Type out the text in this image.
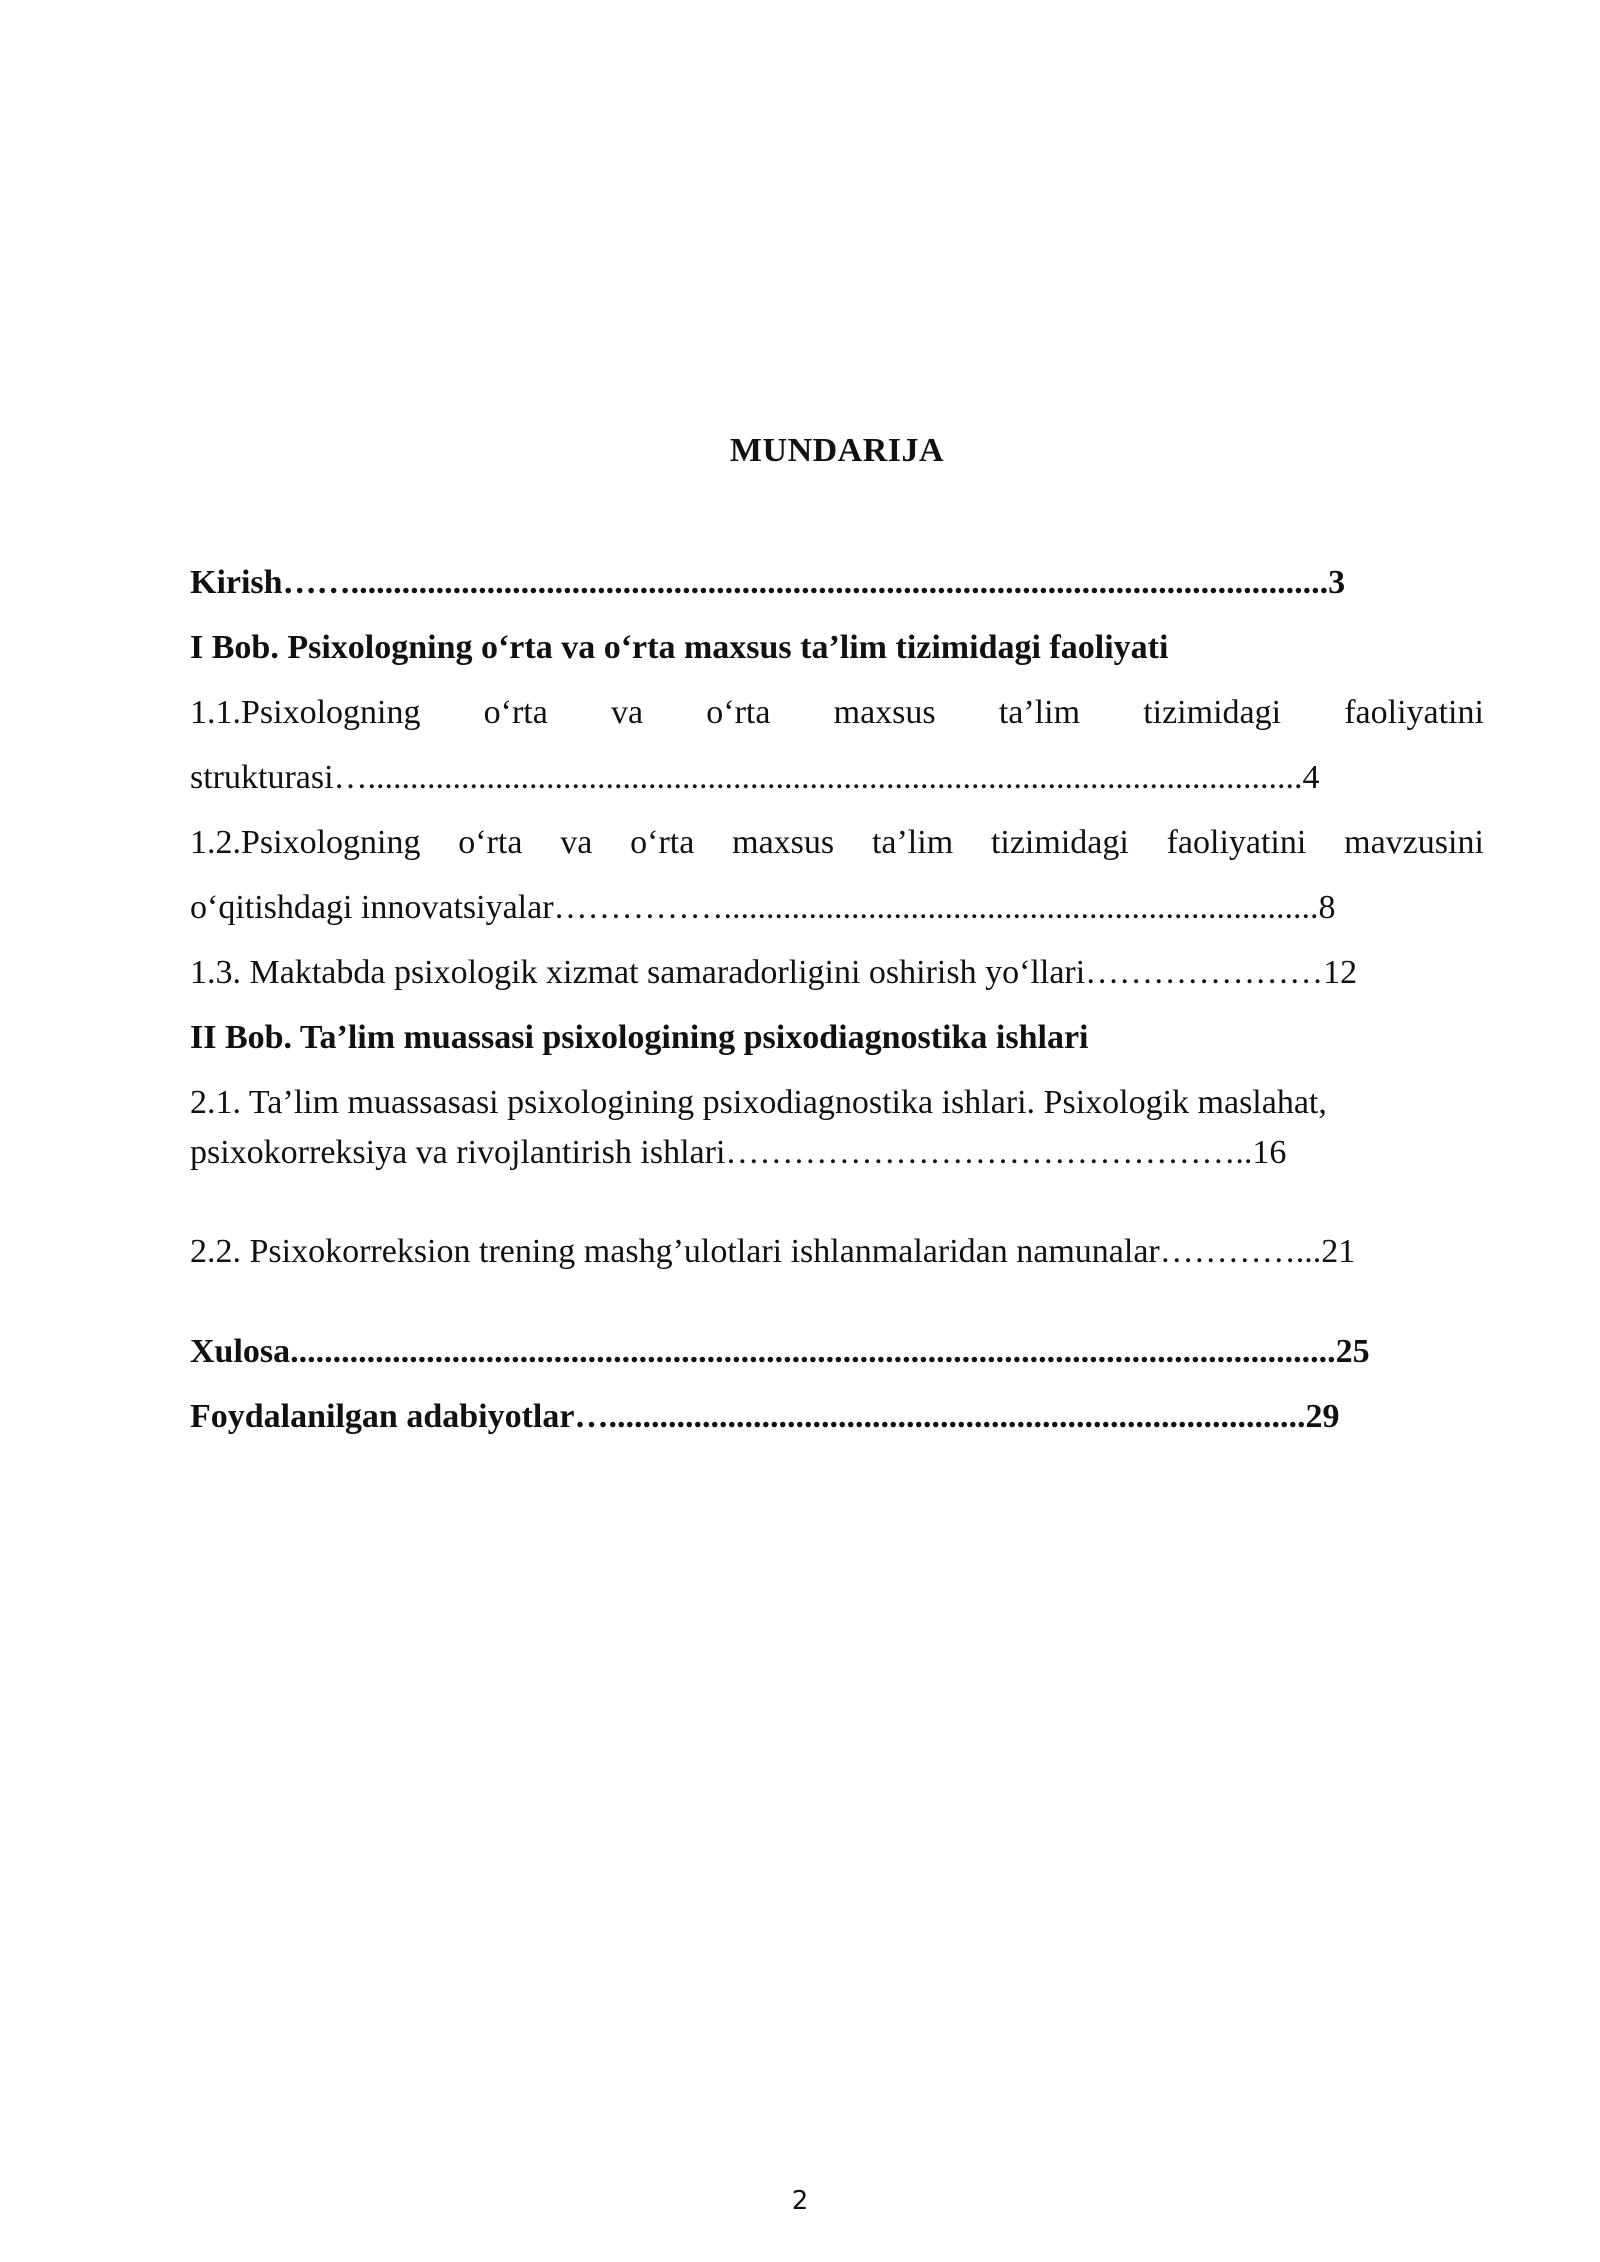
MUNDARIJA
Kirish……...................................................................................................................3
I Bob. Psixologning o‘rta va o‘rta maxsus ta’lim tizimidagi faoliyati
1.1.Psixologning o‘rta va o‘rta maxsus ta’lim tizimidagi faoliyatini
strukturasi…..............................................................................................................4
1.2.Psixologning o‘rta va o‘rta maxsus ta’lim tizimidagi faoliyatini mavzusini
o‘qitishdagi innovatsiyalar……………......................................................................8
1.3. Maktabda psixologik xizmat samaradorligini oshirish yo‘llari…………………12
II Bob. Ta’lim muassasi psixologining psixodiagnostika ishlari
2.1. Ta’lim muassasasi psixologining psixodiagnostika ishlari. Psixologik maslahat,
psixokorreksiya va rivojlantirish ishlari………………………………………..16
2.2. Psixokorreksion trening mashg’ulotlari ishlanmalaridan namunalar…………...21
Xulosa...........................................................................................................................25
Foydalanilgan adabiyotlar…..................................................................................29
2
